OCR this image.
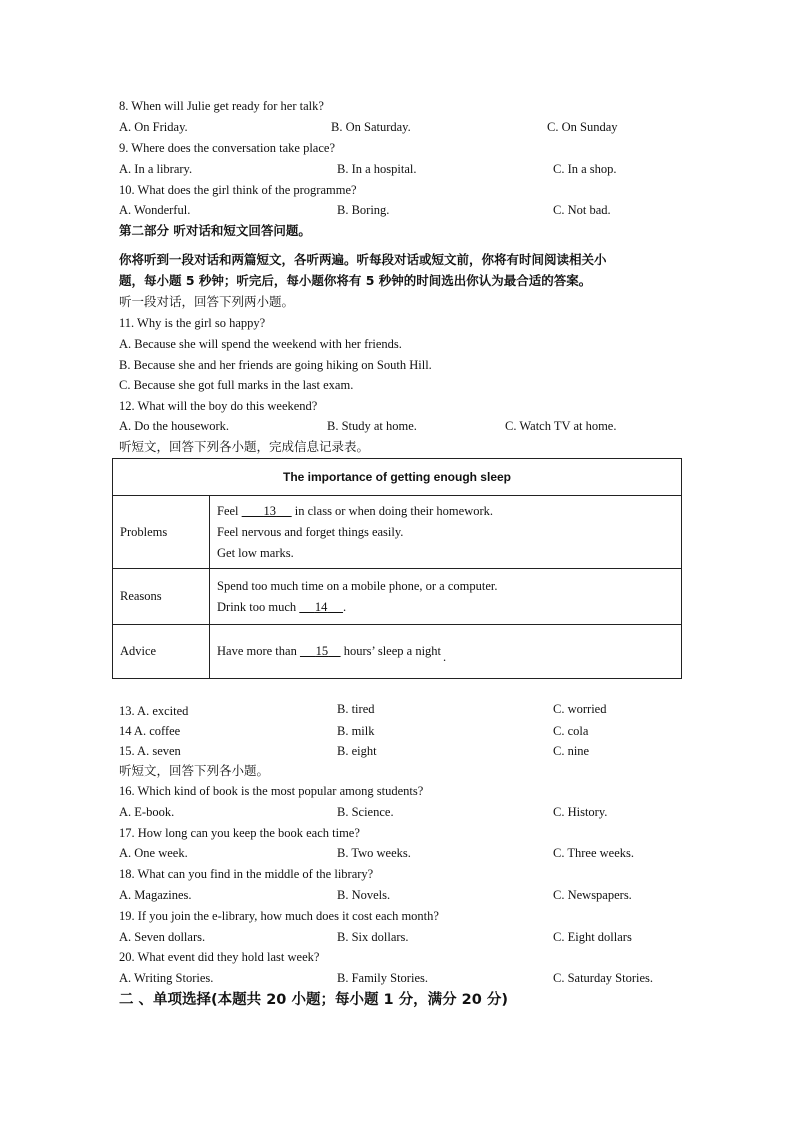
8. When will Julie get ready for her talk?
A. On Friday.	B. On Saturday.	C. On Sunday
9. Where does the conversation take place?
A. In a library.	B. In a hospital.	C. In a shop.
10. What does the girl think of the programme?
A. Wonderful.	B. Boring.	C. Not bad.
第二部分 听对话和短文回答问题。
你将听到一段对话和两篇短文，各听两遍。听每段对话或短文前，你将有时间阅读相关小
题，每小题 5 秒钟；听完后，每小题你将有 5 秒钟的时间选出你认为最合适的答案。
听一段对话，回答下列两小题。
11. Why is the girl so happy?
A. Because she will spend the weekend with her friends.
B. Because she and her friends are going hiking on South Hill.
C. Because she got full marks in the last exam.
12. What will the boy do this weekend?
A. Do the housework.	B. Study at home.	C. Watch TV at home.
听短文，回答下列各小题，完成信息记录表。
The importance of getting enough sleep	
Problems	Feel        13      in class or when doing their homework.
Feel nervous and forget things easily.
Get low marks.

Reasons	Spend too much time on a mobile phone, or a computer.
Drink too much      14 .

Advice	Have more than      15     hours’ sleep a night .
13. A. excited	B. tired	C. worried
14 A. coffee	B. milk	C. cola
15. A. seven	B. eight	C. nine
听短文，回答下列各小题。
16. Which kind of book is the most popular among students?
A. E-book.	B. Science.	C. History.
17. How long can you keep the book each time?
A. One week.	B. Two weeks.	C. Three weeks.
18. What can you find in the middle of the library?
A. Magazines.	B. Novels.	C. Newspapers.
19. If you join the e-library, how much does it cost each month?
A. Seven dollars.	B. Six dollars.	C. Eight dollars
20. What event did they hold last week?
A. Writing Stories.	B. Family Stories.	C. Saturday Stories.
二 、单项选择(本题共 20 小题；每小题 1 分，满分 20 分)
